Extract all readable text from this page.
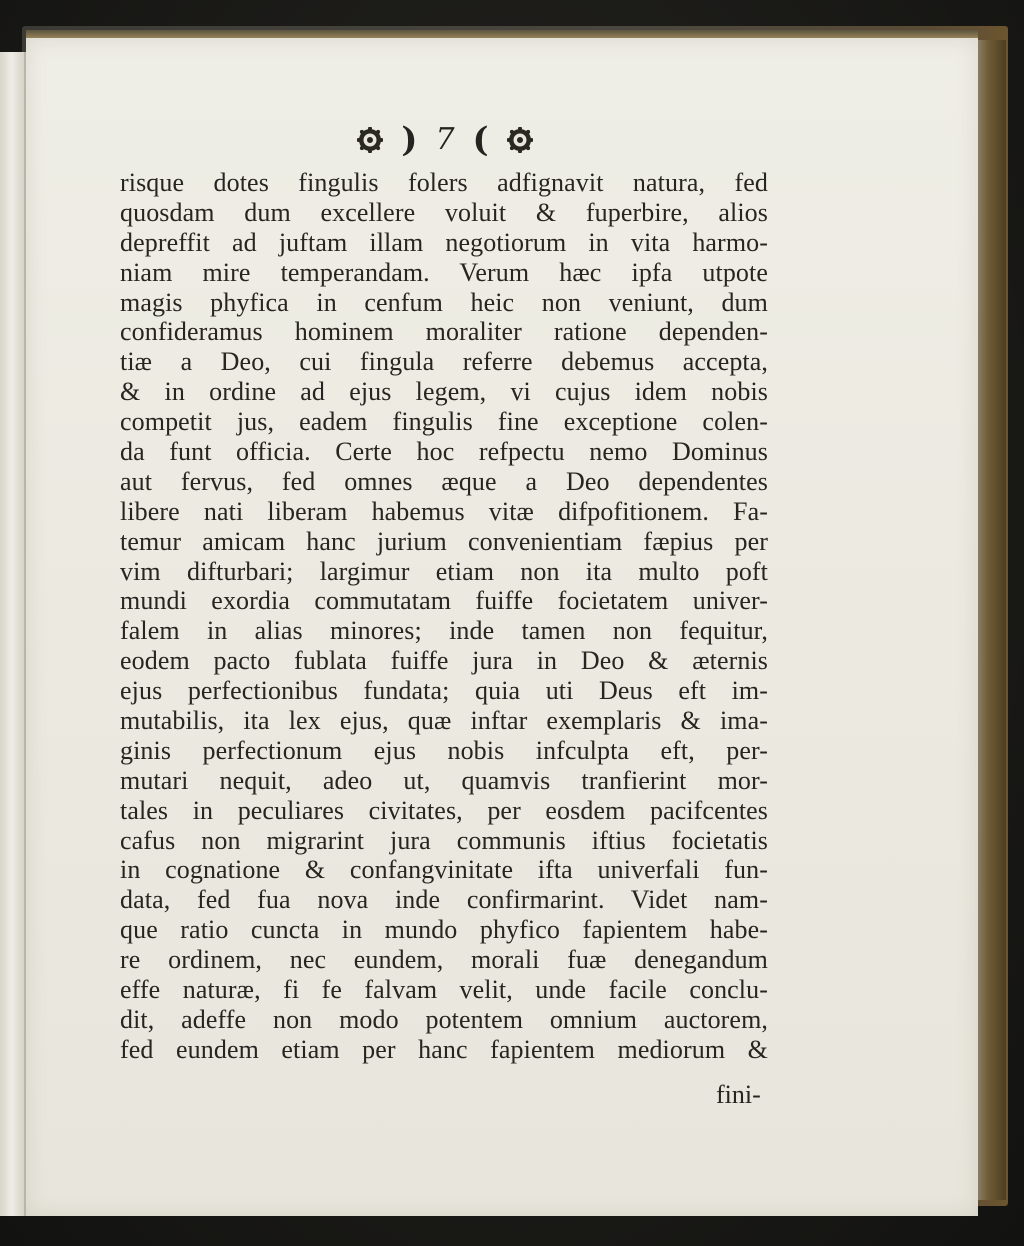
) 7 (
risque dotes fingulis folers adfignavit natura, fed
quosdam dum excellere voluit & fuperbire, alios
depreffit ad juftam illam negotiorum in vita harmo-
niam mire temperandam. Verum hæc ipfa utpote
magis phyfica in cenfum heic non veniunt, dum
confideramus hominem moraliter ratione dependen-
tiæ a Deo, cui fingula referre debemus accepta,
& in ordine ad ejus legem, vi cujus idem nobis
competit jus, eadem fingulis fine exceptione colen-
da funt officia. Certe hoc refpectu nemo Dominus
aut fervus, fed omnes æque a Deo dependentes
libere nati liberam habemus vitæ difpofitionem. Fa-
temur amicam hanc jurium convenientiam fæpius per
vim difturbari; largimur etiam non ita multo poft
mundi exordia commutatam fuiffe focietatem univer-
falem in alias minores; inde tamen non fequitur,
eodem pacto fublata fuiffe jura in Deo & æternis
ejus perfectionibus fundata; quia uti Deus eft im-
mutabilis, ita lex ejus, quæ inftar exemplaris & ima-
ginis perfectionum ejus nobis infculpta eft, per-
mutari nequit, adeo ut, quamvis tranfierint mor-
tales in peculiares civitates, per eosdem pacifcentes
cafus non migrarint jura communis iftius focietatis
in cognatione & confangvinitate ifta univerfali fun-
data, fed fua nova inde confirmarint. Videt nam-
que ratio cuncta in mundo phyfico fapientem habe-
re ordinem, nec eundem, morali fuæ denegandum
effe naturæ, fi fe falvam velit, unde facile conclu-
dit, adeffe non modo potentem omnium auctorem,
fed eundem etiam per hanc fapientem mediorum &
fini-
